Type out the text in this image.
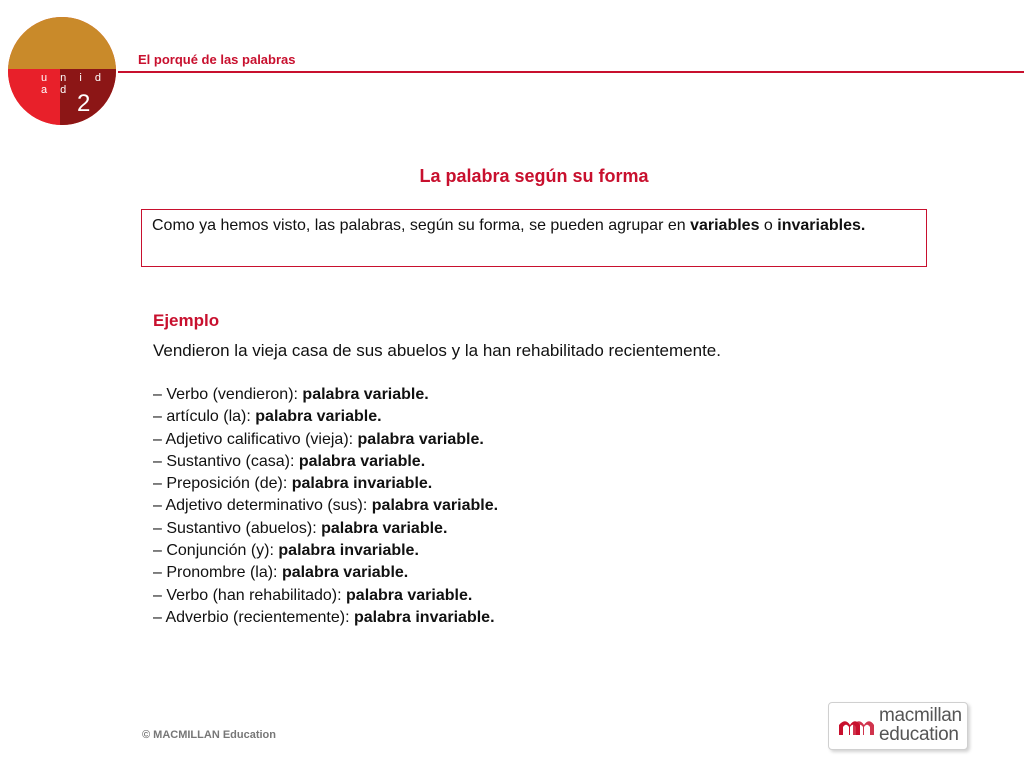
u n i d a d 2
El porqué de las palabras
La palabra según su forma
Como ya hemos visto, las palabras, según su forma, se pueden agrupar en variables o invariables.
Ejemplo
Vendieron la vieja casa de sus abuelos y la han rehabilitado recientemente.
– Verbo (vendieron): palabra variable.
– artículo (la): palabra variable.
– Adjetivo calificativo (vieja): palabra variable.
– Sustantivo (casa): palabra variable.
– Preposición (de): palabra invariable.
– Adjetivo determinativo (sus): palabra variable.
– Sustantivo (abuelos): palabra variable.
– Conjunción (y): palabra invariable.
– Pronombre (la): palabra variable.
– Verbo (han rehabilitado): palabra variable.
– Adverbio (recientemente): palabra invariable.
© MACMILLAN Education
macmillan
education
